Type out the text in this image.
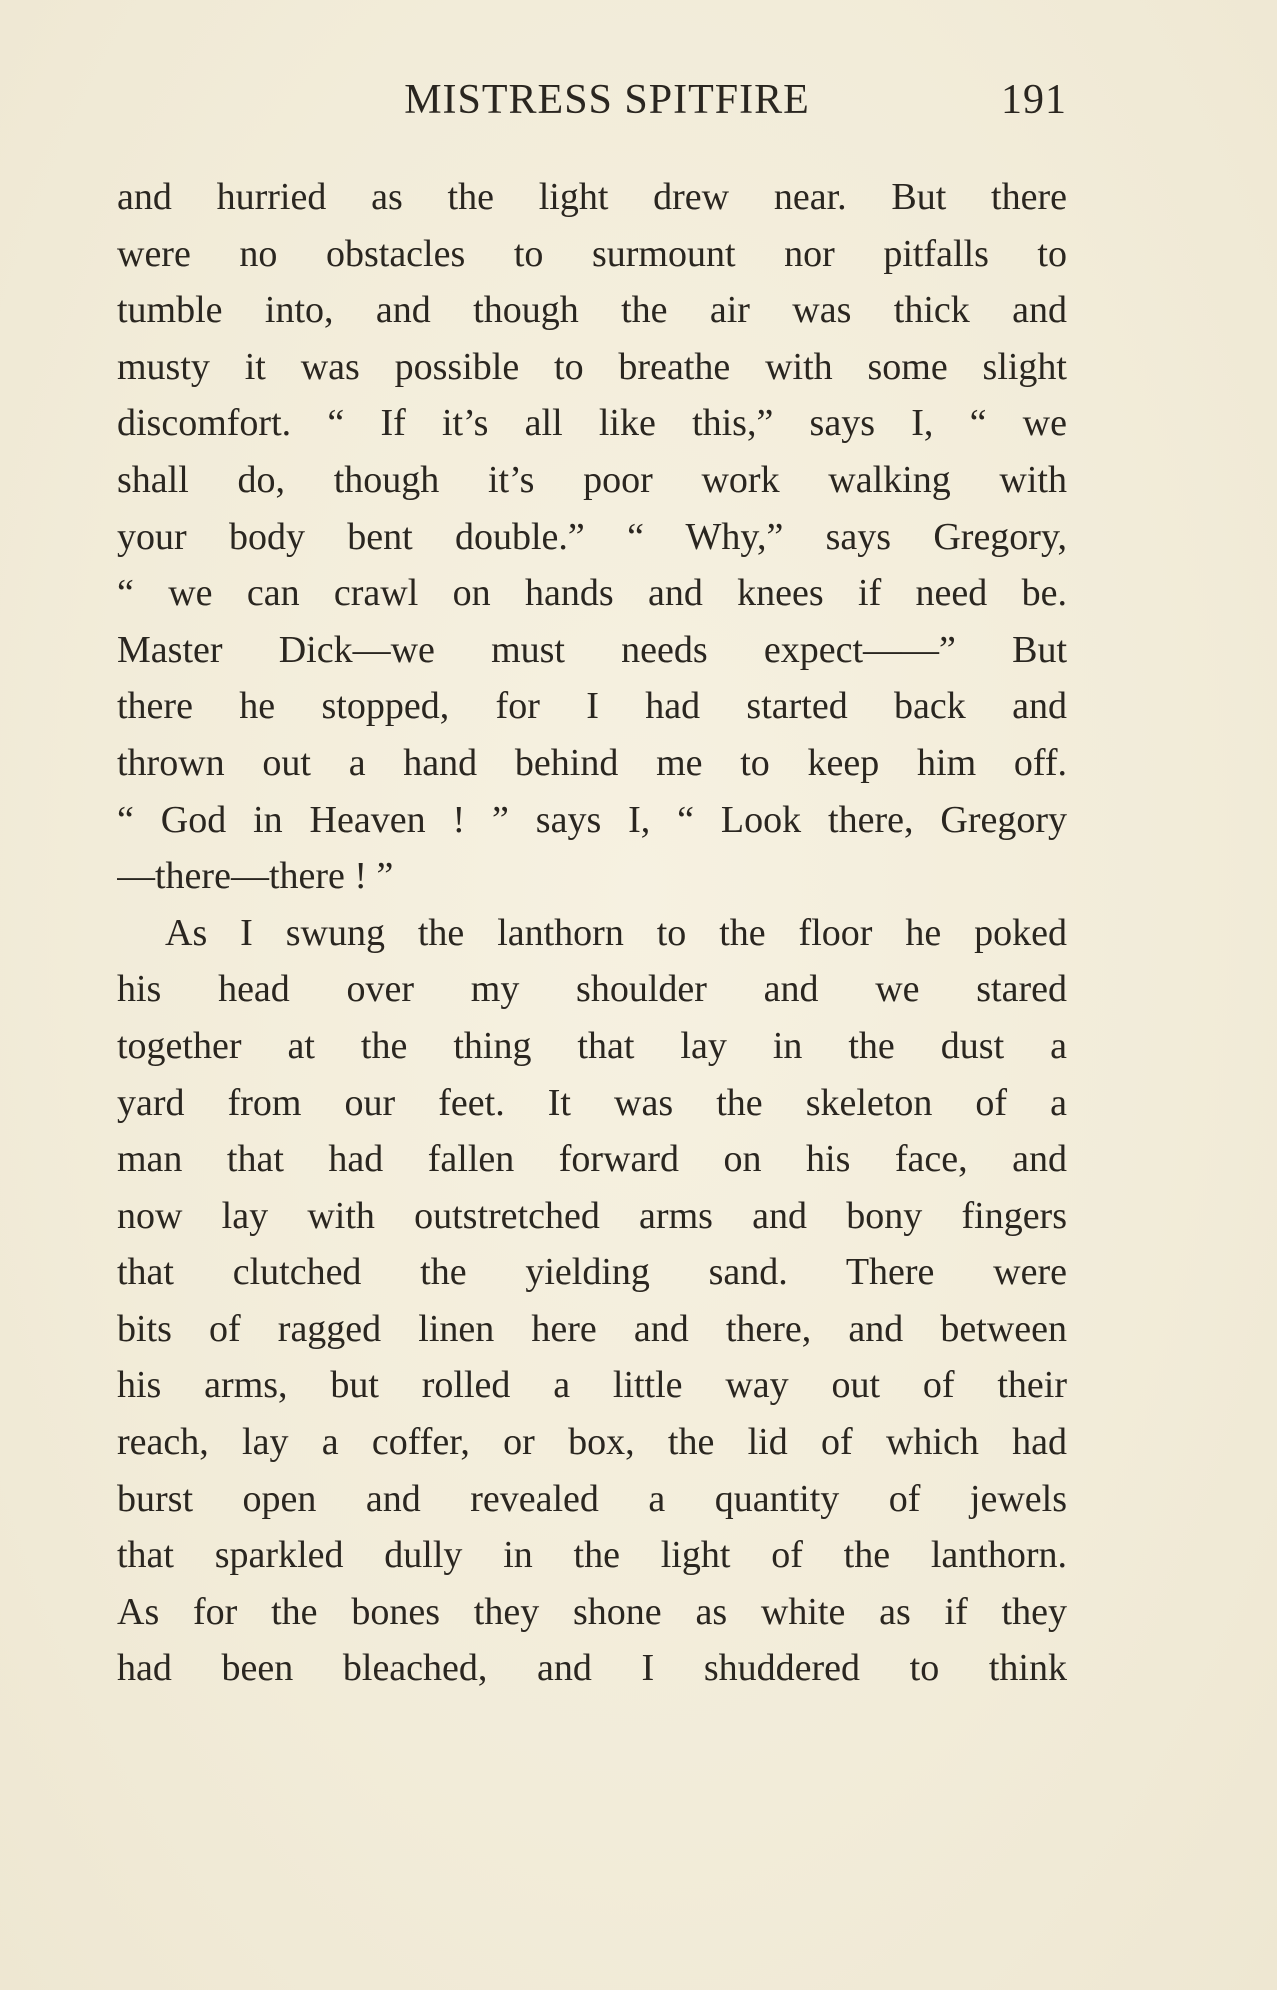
MISTRESS SPITFIRE	191
and hurried as the light drew near. But there
were no obstacles to surmount nor pitfalls to
tumble into, and though the air was thick and
musty it was possible to breathe with some slight
discomfort. “ If it’s all like this,” says I, “ we
shall do, though it’s poor work walking with
your body bent double.” “ Why,” says Gregory,
“ we can crawl on hands and knees if need be.
Master Dick—we must needs expect——” But
there he stopped, for I had started back and
thrown out a hand behind me to keep him off.
“ God in Heaven ! ” says I, “ Look there, Gregory
—there—there ! ”
As I swung the lanthorn to the floor he poked
his head over my shoulder and we stared
together at the thing that lay in the dust a
yard from our feet. It was the skeleton of a
man that had fallen forward on his face, and
now lay with outstretched arms and bony fingers
that clutched the yielding sand. There were
bits of ragged linen here and there, and between
his arms, but rolled a little way out of their
reach, lay a coffer, or box, the lid of which had
burst open and revealed a quantity of jewels
that sparkled dully in the light of the lanthorn.
As for the bones they shone as white as if they
had been bleached, and I shuddered to think
